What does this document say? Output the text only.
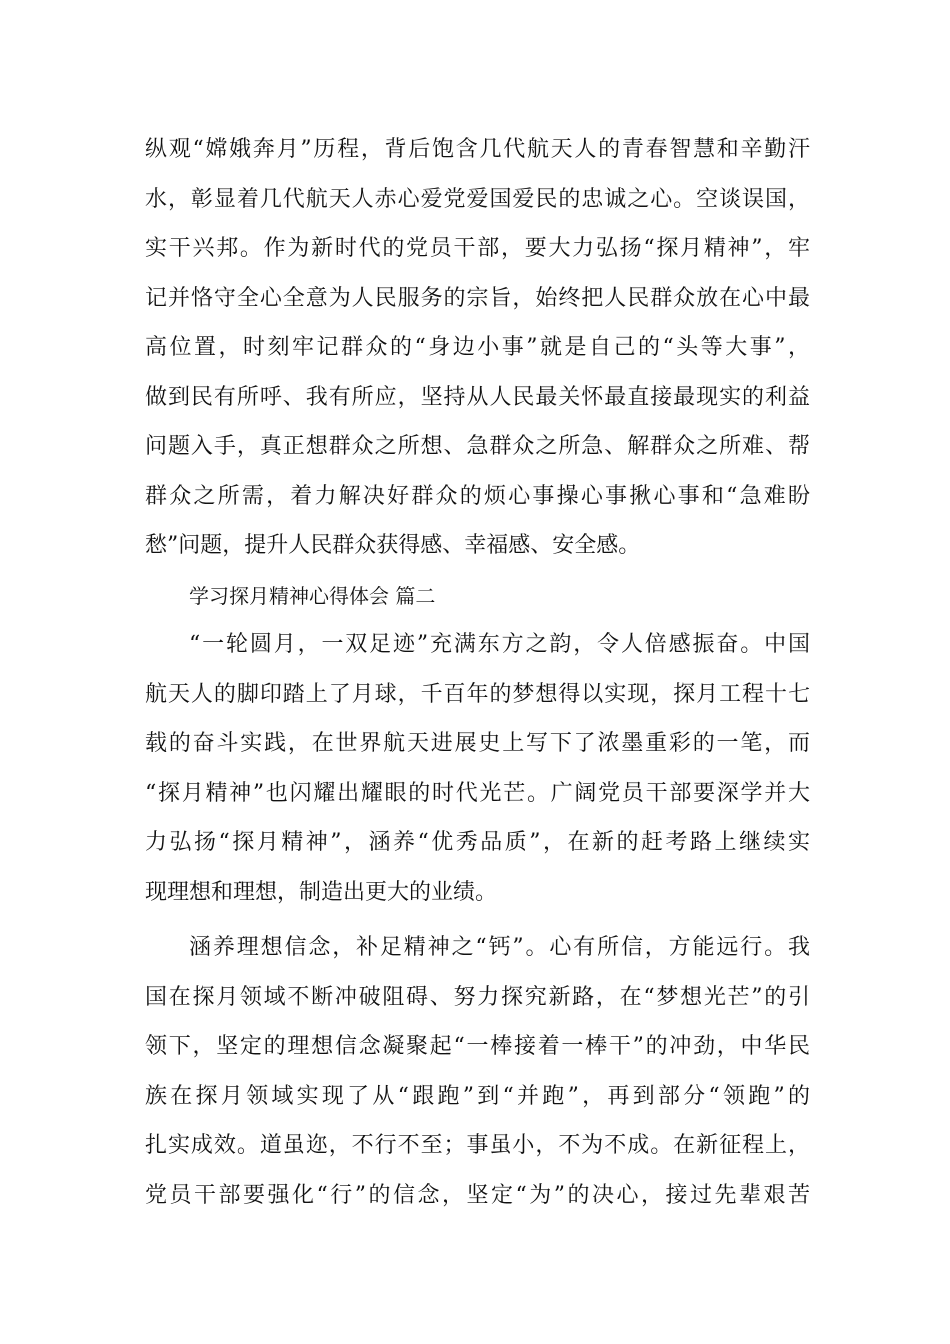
纵观“嫦娥奔月”历程，背后饱含几代航天人的青春智慧和辛勤汗
水，彰显着几代航天人赤心爱党爱国爱民的忠诚之心。空谈误国，
实干兴邦。作为新时代的党员干部，要大力弘扬“探月精神”，牢
记并恪守全心全意为人民服务的宗旨，始终把人民群众放在心中最
高位置，时刻牢记群众的“身边小事”就是自己的“头等大事”，
做到民有所呼、我有所应，坚持从人民最关怀最直接最现实的利益
问题入手，真正想群众之所想、急群众之所急、解群众之所难、帮
群众之所需，着力解决好群众的烦心事操心事揪心事和“急难盼
愁”问题，提升人民群众获得感、幸福感、安全感。
学习探月精神心得体会 篇二
“一轮圆月，一双足迹”充满东方之韵，令人倍感振奋。中国
航天人的脚印踏上了月球，千百年的梦想得以实现，探月工程十七
载的奋斗实践，在世界航天进展史上写下了浓墨重彩的一笔，而
“探月精神”也闪耀出耀眼的时代光芒。广阔党员干部要深学并大
力弘扬“探月精神”，涵养“优秀品质”，在新的赶考路上继续实
现理想和理想，制造出更大的业绩。
涵养理想信念，补足精神之“钙”。心有所信，方能远行。我
国在探月领域不断冲破阻碍、努力探究新路，在“梦想光芒”的引
领下，坚定的理想信念凝聚起“一棒接着一棒干”的冲劲，中华民
族在探月领域实现了从“跟跑”到“并跑”，再到部分“领跑”的
扎实成效。道虽迩，不行不至；事虽小，不为不成。在新征程上，
党员干部要强化“行”的信念，坚定“为”的决心，接过先辈艰苦
